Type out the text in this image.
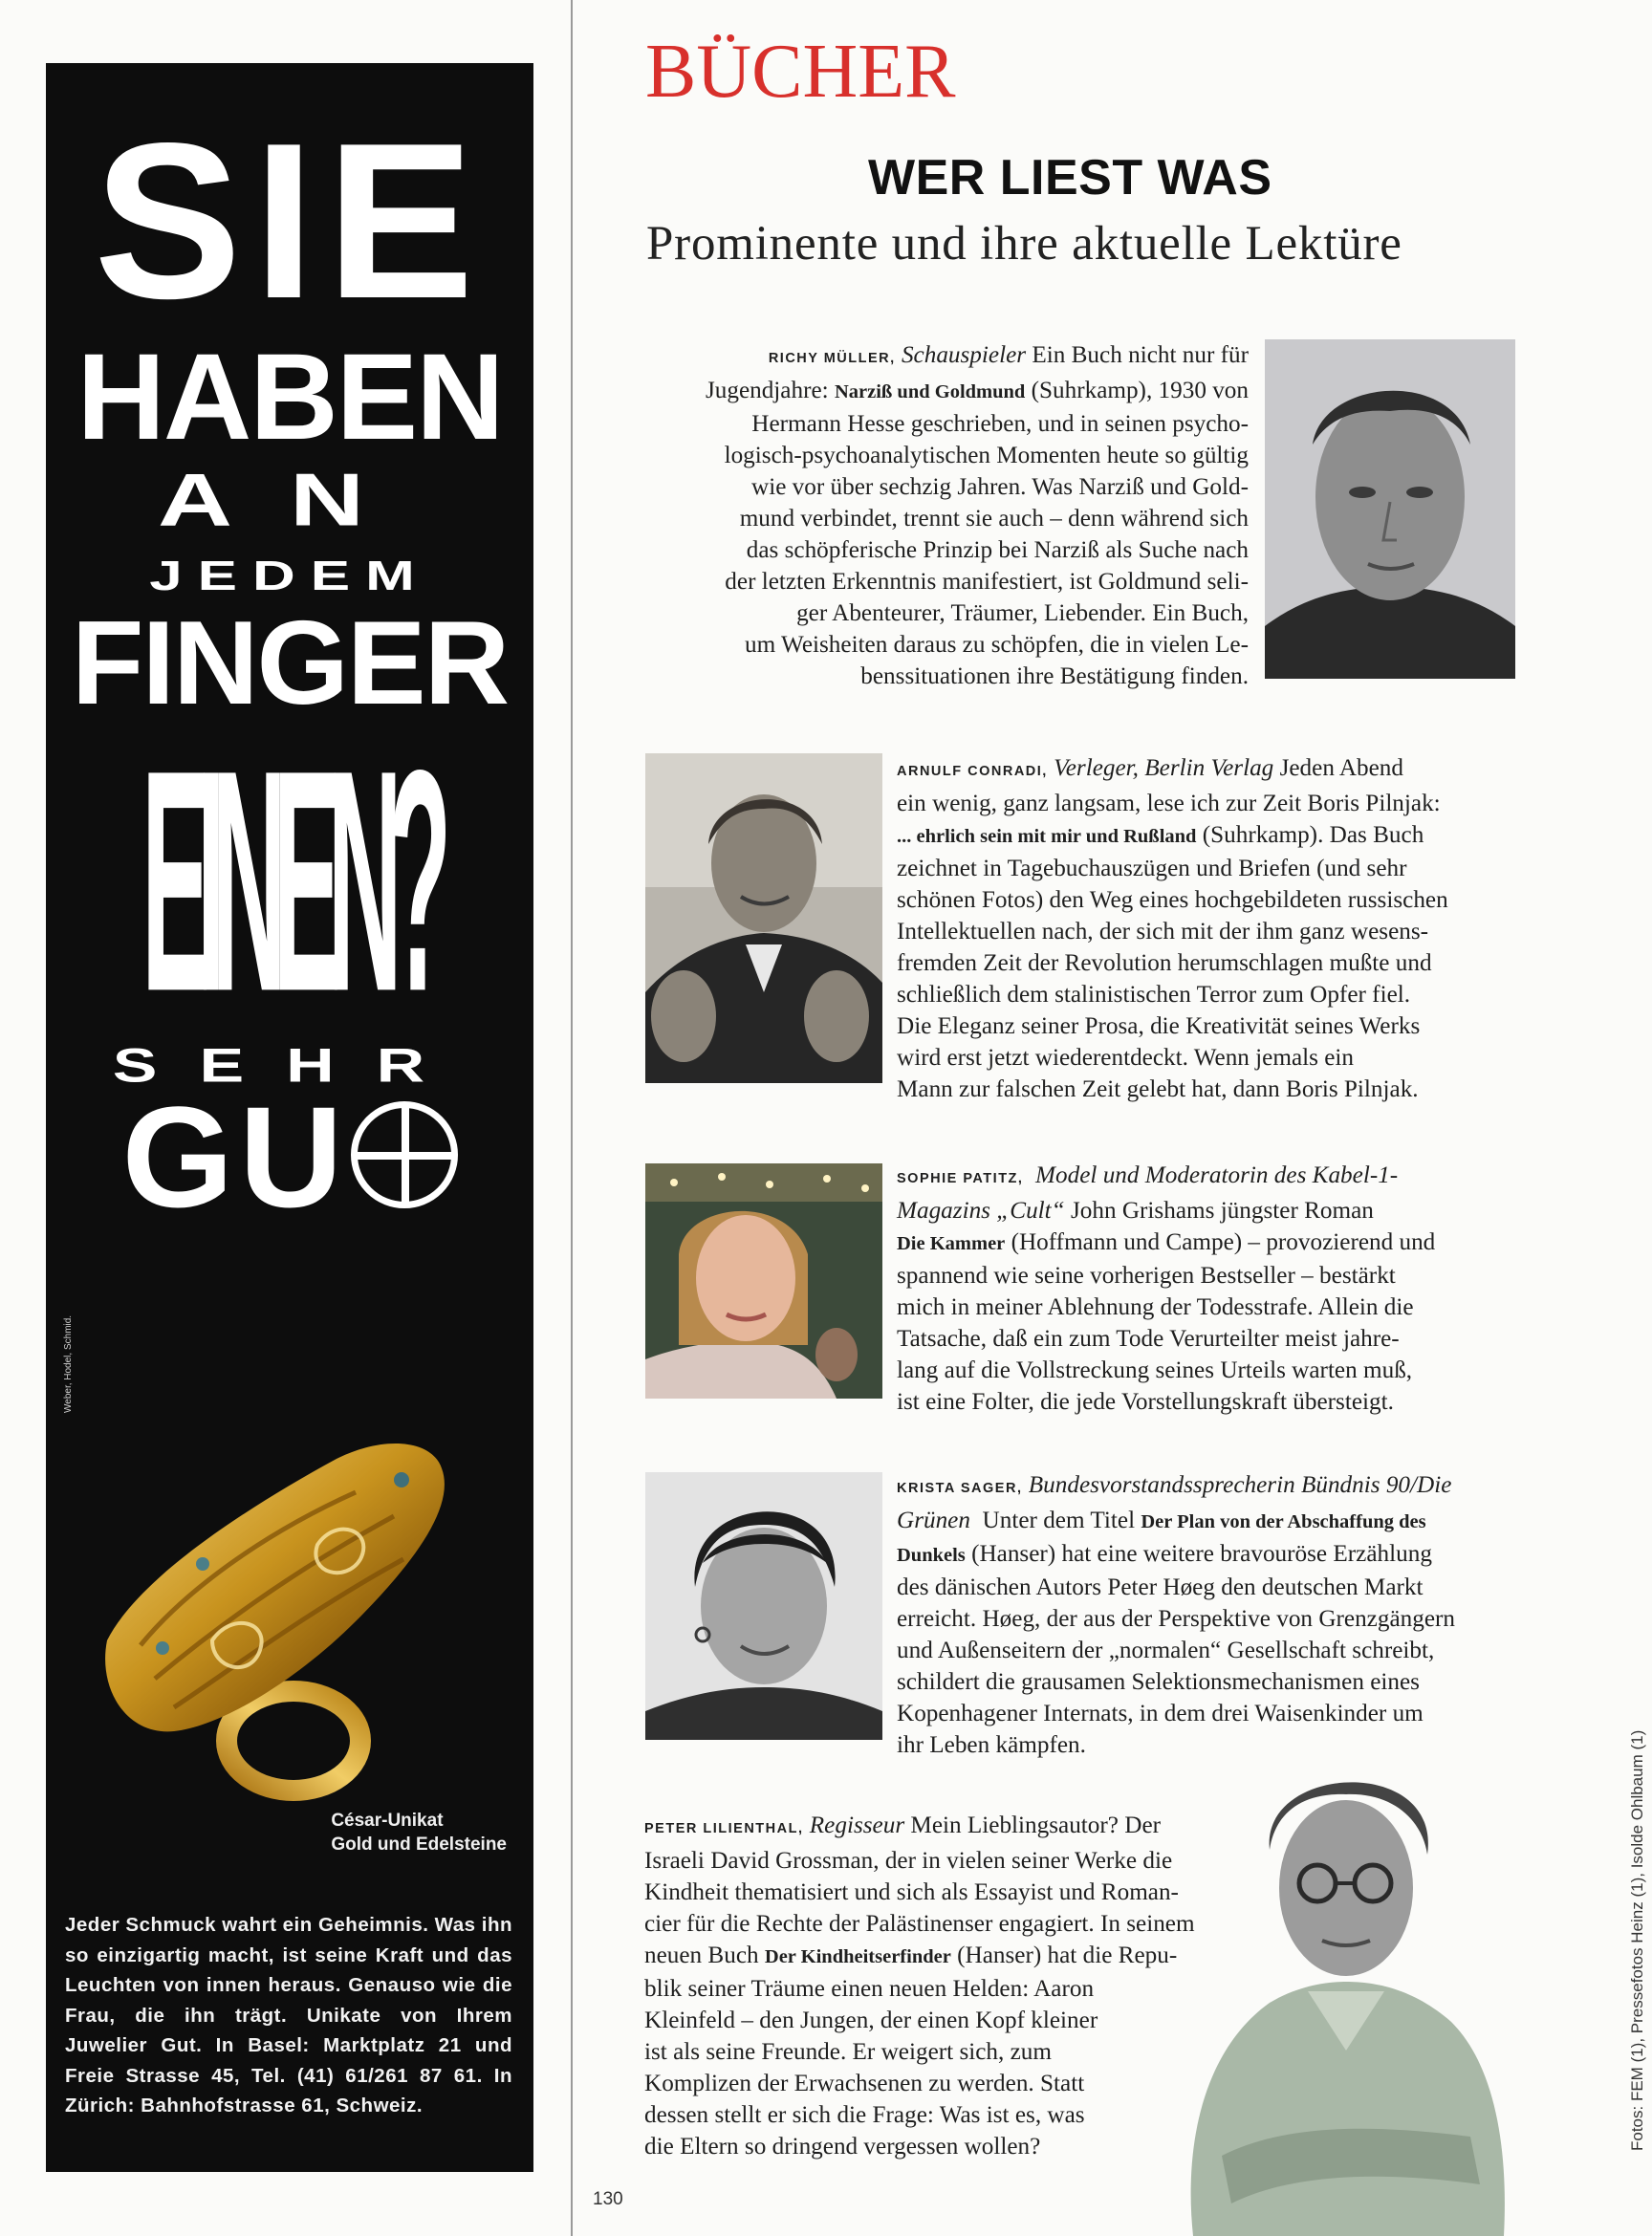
SIE
HABEN
AN
JEDEM
FINGER
EINEN?
SEHR
GU
Weber, Hodel, Schmid.
César-Unikat
Gold und Edelsteine
Jeder Schmuck wahrt ein Geheimnis. Was ihn so einzigartig macht, ist seine Kraft und das Leuchten von innen heraus. Genauso wie die Frau, die ihn trägt. Unikate von Ihrem Juwelier Gut. In Basel: Marktplatz 21 und Freie Strasse 45, Tel. (41) 61/261 87 61. In Zürich: Bahnhofstrasse 61, Schweiz.
BÜCHER
WER LIEST WAS
Prominente und ihre aktuelle Lektüre
RICHY MÜLLER, Schauspieler Ein Buch nicht nur für
Jugendjahre: Narziß und Goldmund (Suhrkamp), 1930 von
Hermann Hesse geschrieben, und in seinen psycho-
logisch-psychoanalytischen Momenten heute so gültig
wie vor über sechzig Jahren. Was Narziß und Gold-
mund verbindet, trennt sie auch – denn während sich
das schöpferische Prinzip bei Narziß als Suche nach
der letzten Erkenntnis manifestiert, ist Goldmund seli-
ger Abenteurer, Träumer, Liebender. Ein Buch,
um Weisheiten daraus zu schöpfen, die in vielen Le-
benssituationen ihre Bestätigung finden.
ARNULF CONRADI, Verleger, Berlin Verlag Jeden Abend
ein wenig, ganz langsam, lese ich zur Zeit Boris Pilnjak:
... ehrlich sein mit mir und Rußland (Suhrkamp). Das Buch
zeichnet in Tagebuchauszügen und Briefen (und sehr
schönen Fotos) den Weg eines hochgebildeten russischen
Intellektuellen nach, der sich mit der ihm ganz wesens-
fremden Zeit der Revolution herumschlagen mußte und
schließlich dem stalinistischen Terror zum Opfer fiel.
Die Eleganz seiner Prosa, die Kreativität seines Werks
wird erst jetzt wiederentdeckt. Wenn jemals ein
Mann zur falschen Zeit gelebt hat, dann Boris Pilnjak.
SOPHIE PATITZ, Model und Moderatorin des Kabel-1-
Magazins „Cult“ John Grishams jüngster Roman
Die Kammer (Hoffmann und Campe) – provozierend und
spannend wie seine vorherigen Bestseller – bestärkt
mich in meiner Ablehnung der Todesstrafe. Allein die
Tatsache, daß ein zum Tode Verurteilter meist jahre-
lang auf die Vollstreckung seines Urteils warten muß,
ist eine Folter, die jede Vorstellungskraft übersteigt.
KRISTA SAGER, Bundesvorstandssprecherin Bündnis 90/Die
Grünen Unter dem Titel Der Plan von der Abschaffung des
Dunkels (Hanser) hat eine weitere bravouröse Erzählung
des dänischen Autors Peter Høeg den deutschen Markt
erreicht. Høeg, der aus der Perspektive von Grenzgängern
und Außenseitern der „normalen“ Gesellschaft schreibt,
schildert die grausamen Selektionsmechanismen eines
Kopenhagener Internats, in dem drei Waisenkinder um
ihr Leben kämpfen.
PETER LILIENTHAL, Regisseur Mein Lieblingsautor? Der
Israeli David Grossman, der in vielen seiner Werke die
Kindheit thematisiert und sich als Essayist und Roman-
cier für die Rechte der Palästinenser engagiert. In seinem
neuen Buch Der Kindheitserfinder (Hanser) hat die Repu-
blik seiner Träume einen neuen Helden: Aaron
Kleinfeld – den Jungen, der einen Kopf kleiner
ist als seine Freunde. Er weigert sich, zum
Komplizen der Erwachsenen zu werden. Statt
dessen stellt er sich die Frage: Was ist es, was
die Eltern so dringend vergessen wollen?
130
Fotos: FEM (1), Pressefotos Heinz (1), Isolde Ohlbaum (1)
